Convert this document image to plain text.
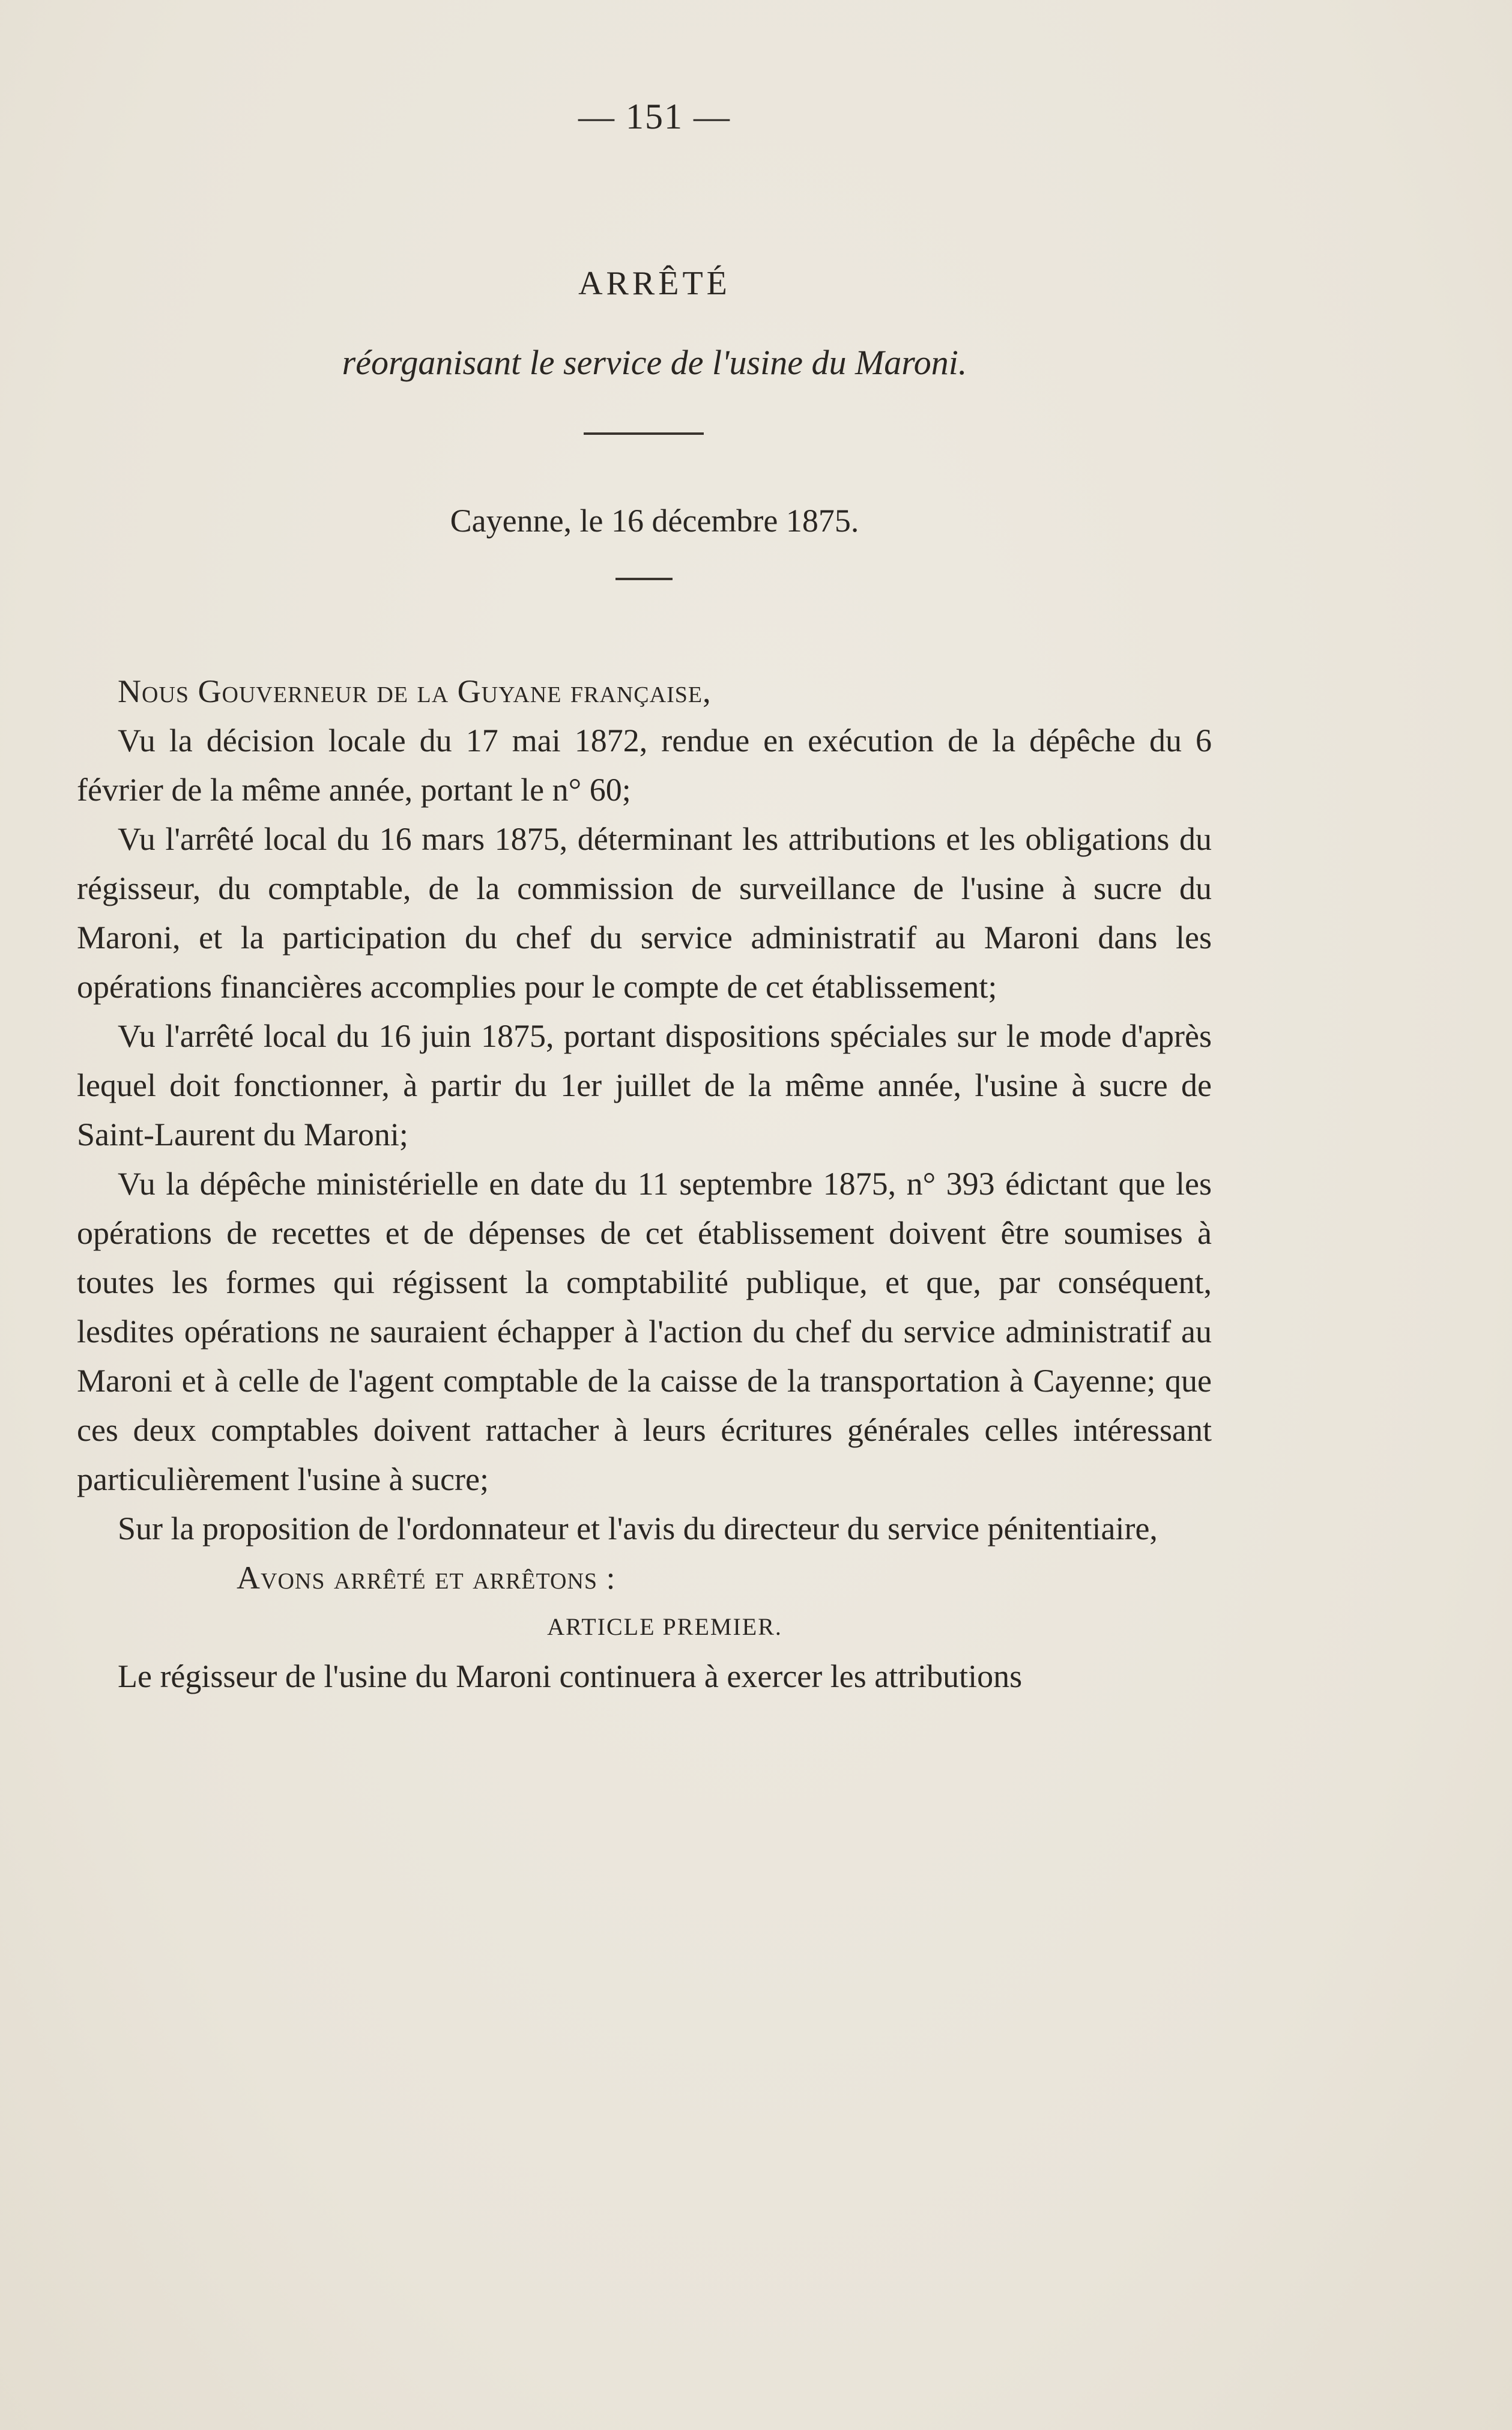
— 151 —
ARRÊTÉ
réorganisant le service de l'usine du Maroni.
Cayenne, le 16 décembre 1875.

Nous Gouverneur de la Guyane française,

Vu la décision locale du 17 mai 1872, rendue en exécution de la dépêche du 6 février de la même année, portant le n° 60;

Vu l'arrêté local du 16 mars 1875, déterminant les attributions et les obligations du régisseur, du comptable, de la commission de surveillance de l'usine à sucre du Maroni, et la participation du chef du service administratif au Maroni dans les opérations financières accomplies pour le compte de cet établissement;

Vu l'arrêté local du 16 juin 1875, portant dispositions spéciales sur le mode d'après lequel doit fonctionner, à partir du 1er juillet de la même année, l'usine à sucre de Saint-Laurent du Maroni;

Vu la dépêche ministérielle en date du 11 septembre 1875, n° 393 édictant que les opérations de recettes et de dépenses de cet établissement doivent être soumises à toutes les formes qui régissent la comptabilité publique, et que, par conséquent, lesdites opérations ne sauraient échapper à l'action du chef du service administratif au Maroni et à celle de l'agent comptable de la caisse de la transportation à Cayenne; que ces deux comptables doivent rattacher à leurs écritures générales celles intéressant particulièrement l'usine à sucre;

Sur la proposition de l'ordonnateur et l'avis du directeur du service pénitentiaire,

Avons arrêté et arrêtons :

ARTICLE PREMIER.

Le régisseur de l'usine du Maroni continuera à exercer les attributions
